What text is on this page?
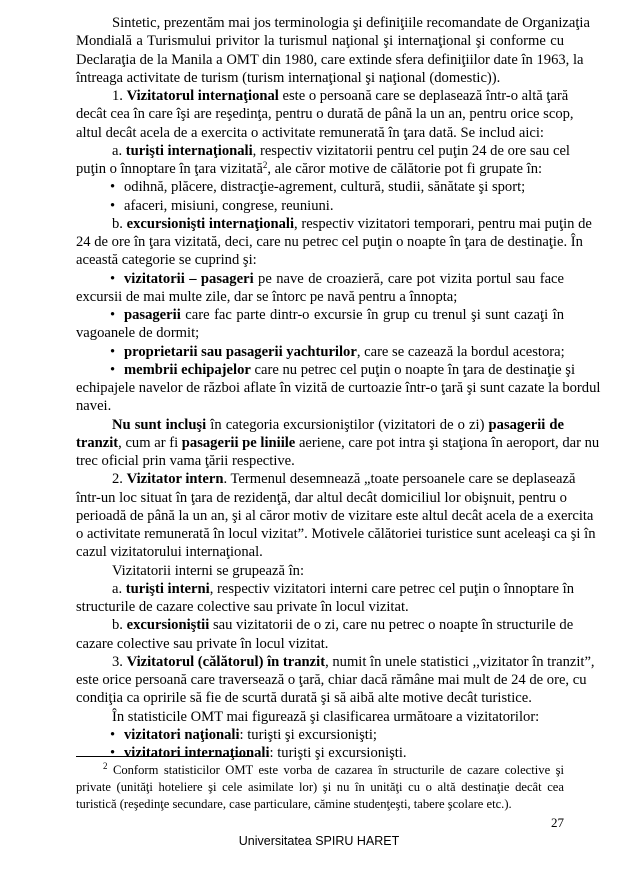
Sintetic, prezentăm mai jos terminologia şi definiţiile recomandate de Organizaţia
Mondială a Turismului privitor la turismul naţional şi internaţional şi conforme cu
Declaraţia de la Manila a OMT din 1980, care extinde sfera definiţiilor date în 1963, la
întreaga activitate de turism (turism internaţional şi naţional (domestic)).
1. Vizitatorul internaţional este o persoană care se deplasează într-o altă ţară
decât cea în care îşi are reşedinţa, pentru o durată de până la un an, pentru orice scop,
altul decât acela de a exercita o activitate remunerată în ţara dată. Se includ aici:
a. turişti internaţionali, respectiv vizitatorii pentru cel puţin 24 de ore sau cel
puţin o înnoptare în ţara vizitată$^2$, ale căror motive de călătorie pot fi grupate în:
• odihnă, plăcere, distracţie-agrement, cultură, studii, sănătate şi sport;
• afaceri, misiuni, congrese, reuniuni.
b. excursionişti internaţionali, respectiv vizitatori temporari, pentru mai puţin de
24 de ore în ţara vizitată, deci, care nu petrec cel puţin o noapte în ţara de destinaţie. În
această categorie se cuprind şi:
• vizitatorii – pasageri pe nave de croazieră, care pot vizita portul sau face
excursii de mai multe zile, dar se întorc pe navă pentru a înnopta;
• pasagerii care fac parte dintr-o excursie în grup cu trenul şi sunt cazaţi în
vagoanele de dormit;
• proprietarii sau pasagerii yachturilor, care se cazează la bordul acestora;
• membrii echipajelor care nu petrec cel puţin o noapte în ţara de destinaţie şi
echipajele navelor de război aflate în vizită de curtoazie într-o ţară şi sunt cazate la bordul
navei.
Nu sunt incluşi în categoria excursioniştilor (vizitatori de o zi) pasagerii de
tranzit, cum ar fi pasagerii pe liniile aeriene, care pot intra şi staţiona în aeroport, dar nu
trec oficial prin vama ţării respective.
2. Vizitator intern. Termenul desemnează „toate persoanele care se deplasează
într-un loc situat în ţara de rezidenţă, dar altul decât domiciliul lor obişnuit, pentru o
perioadă de până la un an, şi al căror motiv de vizitare este altul decât acela de a exercita
o activitate remunerată în locul vizitat”. Motivele călătoriei turistice sunt aceleaşi ca şi în
cazul vizitatorului internaţional.
Vizitatorii interni se grupează în:
a. turişti interni, respectiv vizitatori interni care petrec cel puţin o înnoptare în
structurile de cazare colective sau private în locul vizitat.
b. excursioniştii sau vizitatorii de o zi, care nu petrec o noapte în structurile de
cazare colective sau private în locul vizitat.
3. Vizitatorul (călătorul) în tranzit, numit în unele statistici ,,vizitator în tranzit”,
este orice persoană care traversează o ţară, chiar dacă rămâne mai mult de 24 de ore, cu
condiţia ca opririle să fie de scurtă durată şi să aibă alte motive decât turistice.
În statisticile OMT mai figurează şi clasificarea următoare a vizitatorilor:
• vizitatori naţionali: turişti şi excursionişti;
• vizitatori internaţionali: turişti şi excursionişti.
$^2$ Conform statisticilor OMT este vorba de cazarea în structurile de cazare colective şi
private (unităţi hoteliere şi cele asimilate lor) şi nu în unităţi cu o altă destinaţie decât cea
turistică (reşedinţe secundare, case particulare, cămine studenţeşti, tabere şcolare etc.).
27
Universitatea SPIRU HARET
